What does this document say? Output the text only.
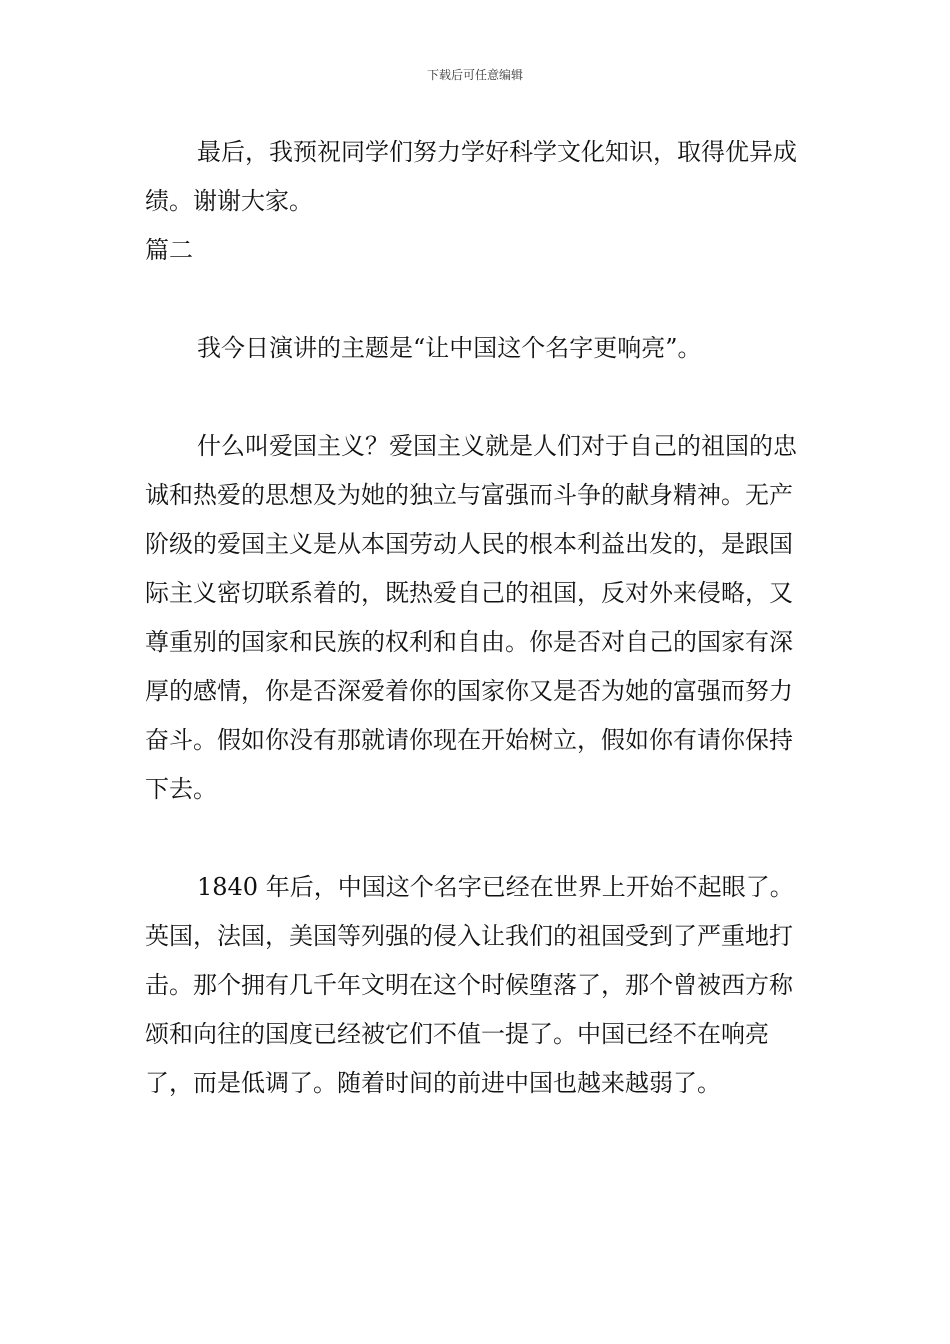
下载后可任意编辑

最后，我预祝同学们努力学好科学文化知识，取得优异成绩。谢谢大家。

篇二

我今日演讲的主题是“让中国这个名字更响亮”。

什么叫爱国主义？爱国主义就是人们对于自己的祖国的忠诚和热爱的思想及为她的独立与富强而斗争的献身精神。无产阶级的爱国主义是从本国劳动人民的根本利益出发的，是跟国际主义密切联系着的，既热爱自己的祖国，反对外来侵略，又尊重别的国家和民族的权利和自由。你是否对自己的国家有深厚的感情，你是否深爱着你的国家你又是否为她的富强而努力奋斗。假如你没有那就请你现在开始树立，假如你有请你保持下去。

1840 年后，中国这个名字已经在世界上开始不起眼了。英国，法国，美国等列强的侵入让我们的祖国受到了严重地打击。那个拥有几千年文明在这个时候堕落了，那个曾被西方称颂和向往的国度已经被它们不值一提了。中国已经不在响亮了，而是低调了。随着时间的前进中国也越来越弱了。
